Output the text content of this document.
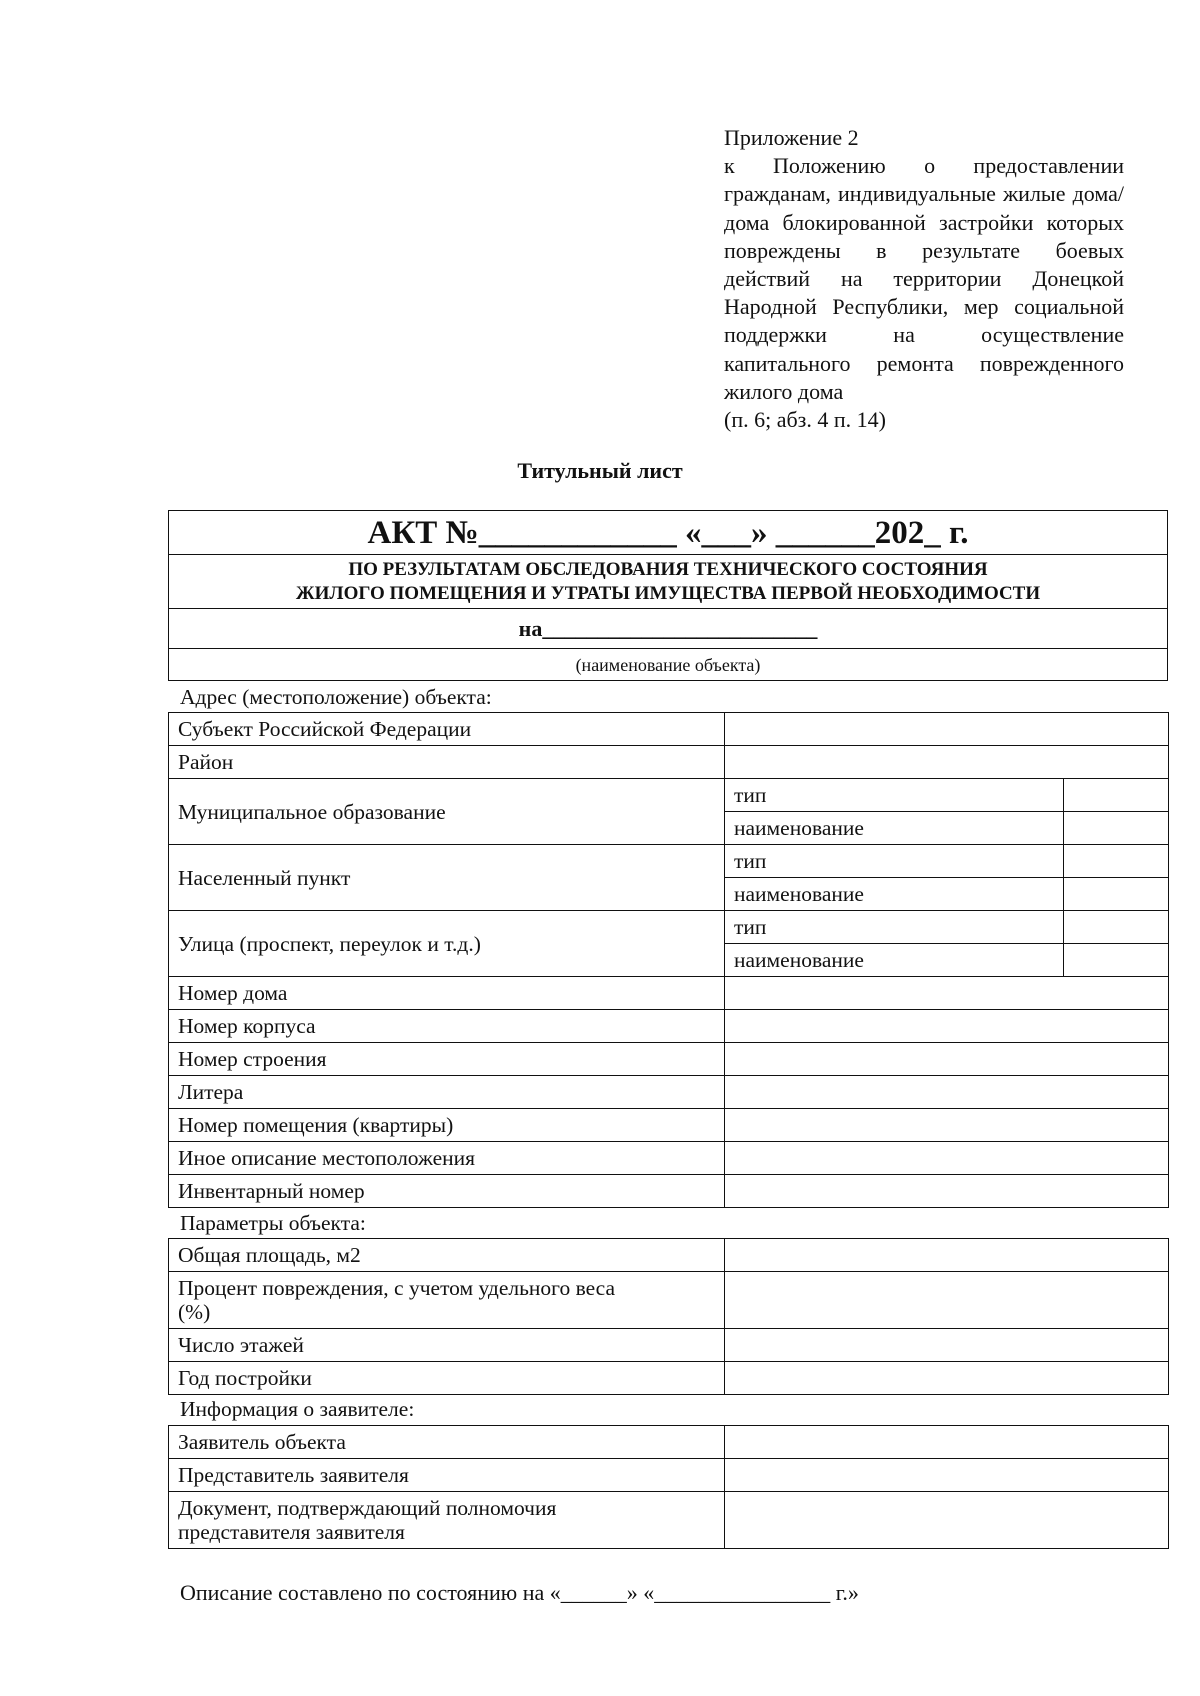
Приложение 2
к Положению о предоставлении гражданам, индивидуальные жилые дома/дома блокированной застройки которых повреждены в результате боевых действий на территории Донецкой Народной Республики, мер социальной поддержки на осуществление капитального ремонта поврежденного жилого дома
(п. 6; абз. 4 п. 14)
Титульный лист
АКТ №____________ «___» ______202_ г.

ПО РЕЗУЛЬТАТАМ ОБСЛЕДОВАНИЯ ТЕХНИЧЕСКОГО СОСТОЯНИЯ
ЖИЛОГО ПОМЕЩЕНИЯ И УТРАТЫ ИМУЩЕСТВА ПЕРВОЙ НЕОБХОДИМОСТИ

на_________________________
(наименование объекта)
Адрес (местоположение) объекта:
Субъект Российской Федерации		
Район		
Муниципальное образование	тип	
	наименование	
Населенный пункт	тип	
	наименование	
Улица (проспект, переулок и т.д.)	тип	
	наименование	
Номер дома		
Номер корпуса		
Номер строения		
Литера		
Номер помещения (квартиры)		
Иное описание местоположения		
Инвентарный номер		
Параметры объекта:
Общая площадь, м2	

Процент повреждения, с учетом удельного веса
(%)	

Число этажей	
Год постройки	
Информация о заявителе:
Заявитель объекта	
Представитель заявителя	

Документ, подтверждающий полномочия
представителя заявителя	

Описание составлено по состоянию на «______» «________________ г.»
